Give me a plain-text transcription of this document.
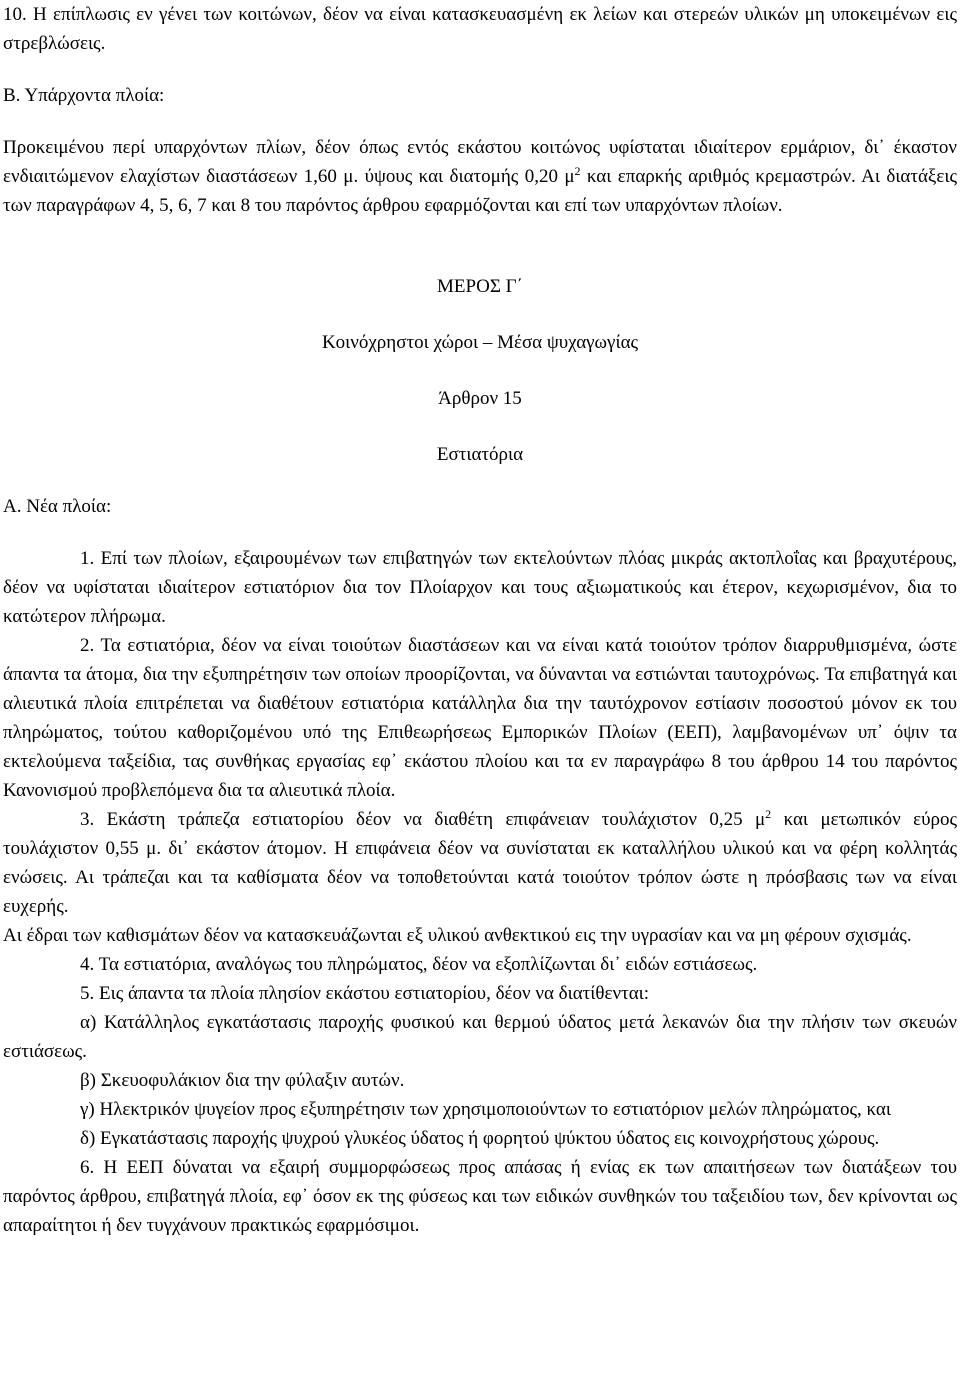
10. Η επίπλωσις εν γένει των κοιτώνων, δέον να είναι κατασκευασμένη εκ λείων και στερεών υλικών μη υποκειμένων εις στρεβλώσεις.

Β. Υπάρχοντα πλοία:

Προκειμένου περί υπαρχόντων πλίων, δέον όπως εντός εκάστου κοιτώνος υφίσταται ιδιαίτερον ερμάριον, δι᾽ έκαστον ενδιαιτώμενον ελαχίστων διαστάσεων 1,60 μ. ύψους και διατομής 0,20 $\mu^2$ και επαρκής αριθμός κρεμαστρών. Αι διατάξεις των παραγράφων 4, 5, 6, 7 και 8 του παρόντος άρθρου εφαρμόζονται και επί των υπαρχόντων πλοίων.

ΜΕΡΟΣ Γ΄

Κοινόχρηστοι χώροι – Μέσα ψυχαγωγίας

Άρθρον 15

Εστιατόρια

Α. Νέα πλοία:

1. Επί των πλοίων, εξαιρουμένων των επιβατηγών των εκτελούντων πλόας μικράς ακτοπλοΐας και βραχυτέρους, δέον να υφίσταται ιδιαίτερον εστιατόριον δια τον Πλοίαρχον και τους αξιωματικούς και έτερον, κεχωρισμένον, δια το κατώτερον πλήρωμα.

2. Τα εστιατόρια, δέον να είναι τοιούτων διαστάσεων και να είναι κατά τοιούτον τρόπον διαρρυθμισμένα, ώστε άπαντα τα άτομα, δια την εξυπηρέτησιν των οποίων προορίζονται, να δύνανται να εστιώνται ταυτοχρόνως. Τα επιβατηγά και αλιευτικά πλοία επιτρέπεται να διαθέτουν εστιατόρια κατάλληλα δια την ταυτόχρονον εστίασιν ποσοστού μόνον εκ του πληρώματος, τούτου καθοριζομένου υπό της Επιθεωρήσεως Εμπορικών Πλοίων (ΕΕΠ), λαμβανομένων υπ᾽ όψιν τα εκτελούμενα ταξείδια, τας συνθήκας εργασίας εφ᾽ εκάστου πλοίου και τα εν παραγράφω 8 του άρθρου 14 του παρόντος Κανονισμού προβλεπόμενα δια τα αλιευτικά πλοία.

3. Εκάστη τράπεζα εστιατορίου δέον να διαθέτη επιφάνειαν τουλάχιστον 0,25 $\mu^2$ και μετωπικόν εύρος τουλάχιστον 0,55 μ. δι᾽ εκάστον άτομον. Η επιφάνεια δέον να συνίσταται εκ καταλλήλου υλικού και να φέρη κολλητάς ενώσεις. Αι τράπεζαι και τα καθίσματα δέον να τοποθετούνται κατά τοιούτον τρόπον ώστε η πρόσβασις των να είναι ευχερής.

Αι έδραι των καθισμάτων δέον να κατασκευάζωνται εξ υλικού ανθεκτικού εις την υγρασίαν και να μη φέρουν σχισμάς.

4. Τα εστιατόρια, αναλόγως του πληρώματος, δέον να εξοπλίζωνται δι᾽ ειδών εστιάσεως.

5. Εις άπαντα τα πλοία πλησίον εκάστου εστιατορίου, δέον να διατίθενται:

α) Κατάλληλος εγκατάστασις παροχής φυσικού και θερμού ύδατος μετά λεκανών δια την πλήσιν των σκευών εστιάσεως.

β) Σκευοφυλάκιον δια την φύλαξιν αυτών.

γ) Ηλεκτρικόν ψυγείον προς εξυπηρέτησιν των χρησιμοποιούντων το εστιατόριον μελών πληρώματος, και

δ) Εγκατάστασις παροχής ψυχρού γλυκέος ύδατος ή φορητού ψύκτου ύδατος εις κοινοχρήστους χώρους.

6. Η ΕΕΠ δύναται να εξαιρή συμμορφώσεως προς απάσας ή ενίας εκ των απαιτήσεων των διατάξεων του παρόντος άρθρου, επιβατηγά πλοία, εφ᾽ όσον εκ της φύσεως και των ειδικών συνθηκών του ταξειδίου των, δεν κρίνονται ως απαραίτητοι ή δεν τυγχάνουν πρακτικώς εφαρμόσιμοι.
